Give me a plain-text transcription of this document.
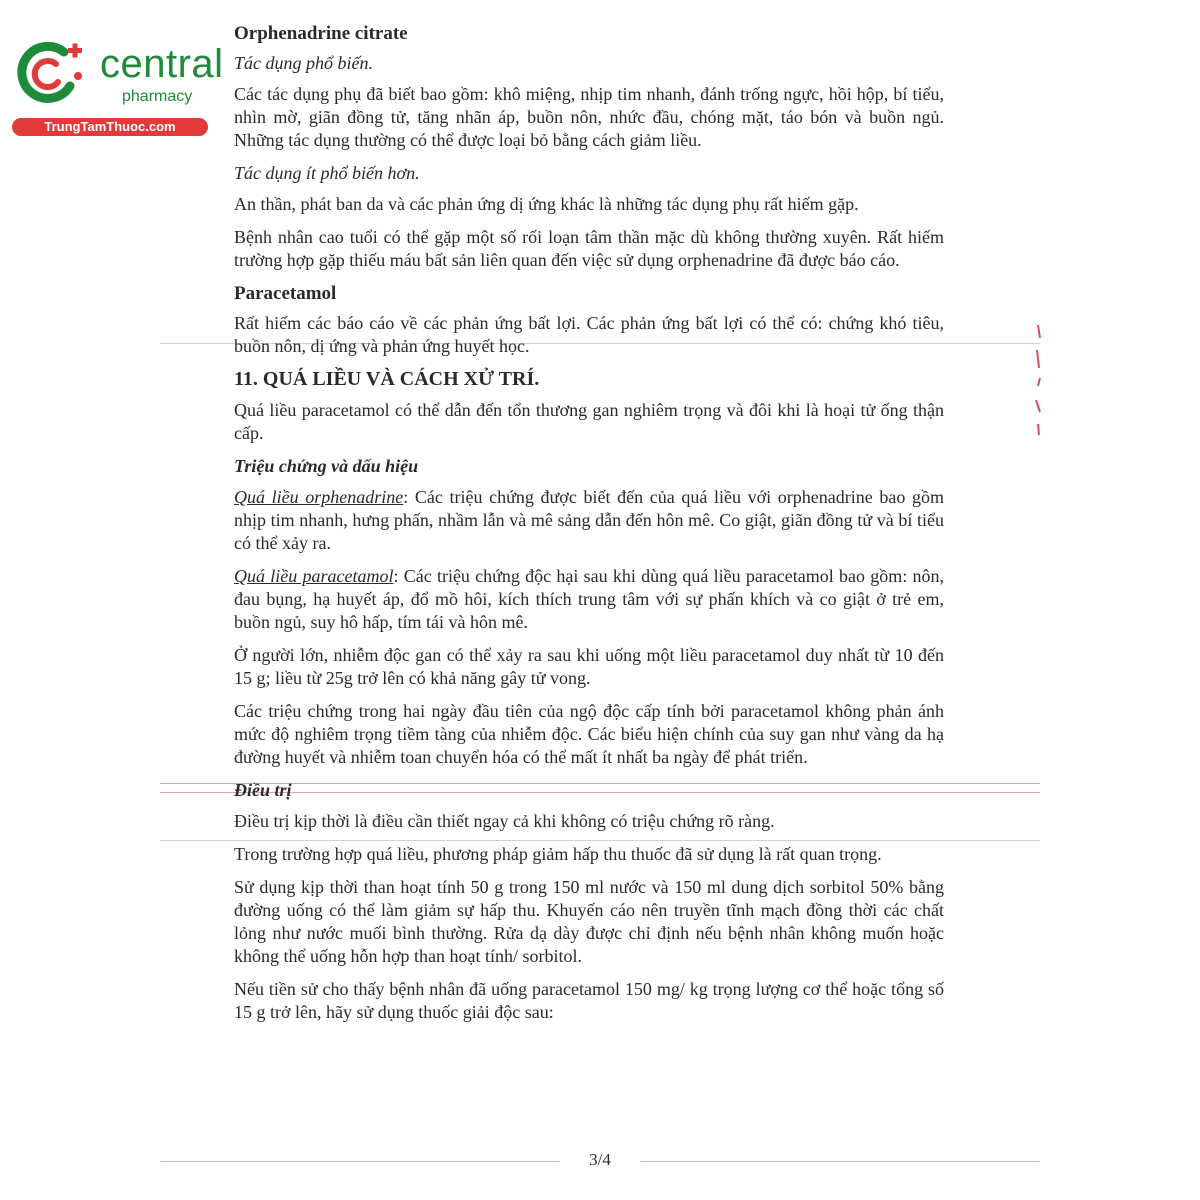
central
pharmacy
TrungTamThuoc.com
Orphenadrine citrate
Tác dụng phổ biến.

Các tác dụng phụ đã biết bao gồm: khô miệng, nhịp tim nhanh, đánh trống ngực, hồi hộp, bí tiểu, nhìn mờ, giãn đồng tử, tăng nhãn áp, buồn nôn, nhức đầu, chóng mặt, táo bón và buồn ngủ. Những tác dụng thường có thể được loại bỏ bằng cách giảm liều.

Tác dụng ít phổ biến hơn.

An thần, phát ban da và các phản ứng dị ứng khác là những tác dụng phụ rất hiếm gặp.

Bệnh nhân cao tuổi có thể gặp một số rối loạn tâm thần mặc dù không thường xuyên. Rất hiếm trường hợp gặp thiếu máu bất sản liên quan đến việc sử dụng orphenadrine đã được báo cáo.

Paracetamol

Rất hiếm các báo cáo về các phản ứng bất lợi. Các phản ứng bất lợi có thể có: chứng khó tiêu, buồn nôn, dị ứng và phản ứng huyết học.

11. QUÁ LIỀU VÀ CÁCH XỬ TRÍ.

Quá liều paracetamol có thể dẫn đến tổn thương gan nghiêm trọng và đôi khi là hoại tử ống thận cấp.

Triệu chứng và dấu hiệu

Quá liều orphenadrine: Các triệu chứng được biết đến của quá liều với orphenadrine bao gồm nhịp tim nhanh, hưng phấn, nhầm lẫn và mê sảng dẫn đến hôn mê. Co giật, giãn đồng tử và bí tiểu có thể xảy ra.

Quá liều paracetamol: Các triệu chứng độc hại sau khi dùng quá liều paracetamol bao gồm: nôn, đau bụng, hạ huyết áp, đổ mồ hôi, kích thích trung tâm với sự phấn khích và co giật ở trẻ em, buồn ngủ, suy hô hấp, tím tái và hôn mê.

Ở người lớn, nhiễm độc gan có thể xảy ra sau khi uống một liều paracetamol duy nhất từ 10 đến 15 g; liều từ 25g trở lên có khả năng gây tử vong.

Các triệu chứng trong hai ngày đầu tiên của ngộ độc cấp tính bởi paracetamol không phản ánh mức độ nghiêm trọng tiềm tàng của nhiễm độc. Các biểu hiện chính của suy gan như vàng da hạ đường huyết và nhiễm toan chuyển hóa có thể mất ít nhất ba ngày để phát triển.

Điều trị

Điều trị kịp thời là điều cần thiết ngay cả khi không có triệu chứng rõ ràng.

Trong trường hợp quá liều, phương pháp giảm hấp thu thuốc đã sử dụng là rất quan trọng.

Sử dụng kịp thời than hoạt tính 50 g trong 150 ml nước và 150 ml dung dịch sorbitol 50% bằng đường uống có thể làm giảm sự hấp thu. Khuyến cáo nên truyền tĩnh mạch đồng thời các chất lỏng như nước muối bình thường. Rửa dạ dày được chỉ định nếu bệnh nhân không muốn hoặc không thể uống hỗn hợp than hoạt tính/ sorbitol.

Nếu tiền sử cho thấy bệnh nhân đã uống paracetamol 150 mg/ kg trọng lượng cơ thể hoặc tổng số 15 g trở lên, hãy sử dụng thuốc giải độc sau:

3/4
